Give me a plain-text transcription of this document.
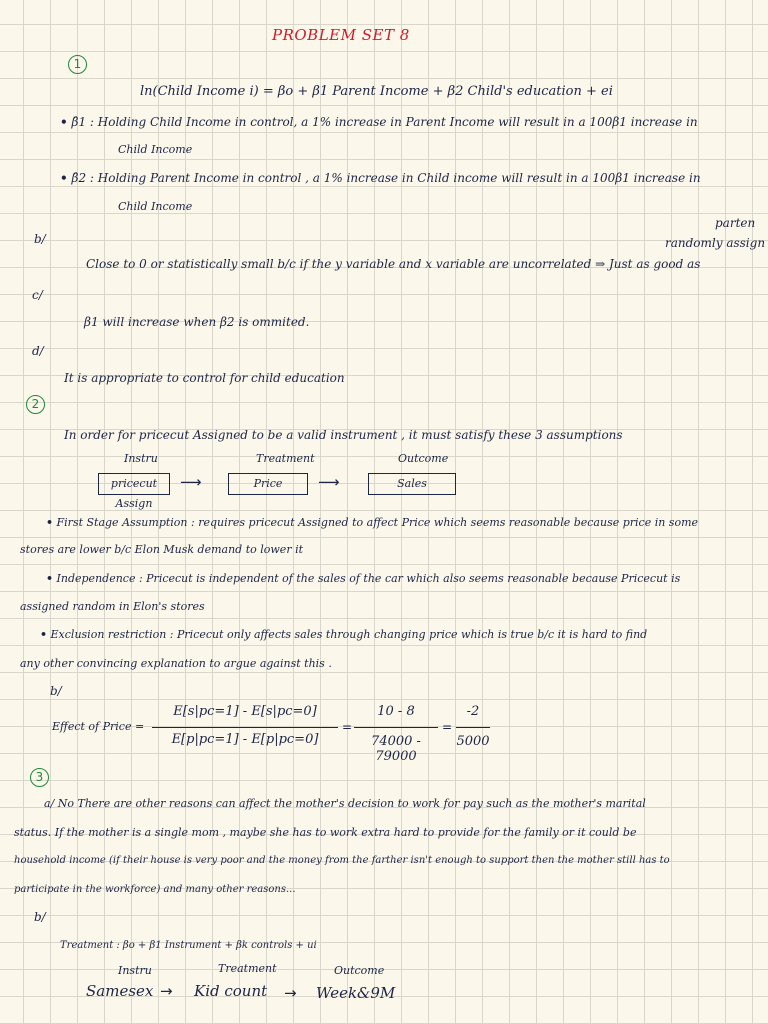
PROBLEM SET 8
1
ln(Child Income i) = βo + β1 Parent Income + β2 Child's education + ei
• β̂1 : Holding Child Income in control, a 1% increase in Parent Income will result in a 100β1 increase in
Child Income
• β̂2 : Holding Parent Income in control , a 1% increase in Child income will result in a 100β1 increase in
Child Income
b/
parten
randomly assign
Close to 0 or statistically small b/c if the y variable and x variable are uncorrelated ⇒ Just as good as
c/
β1 will increase when β2 is ommited.
d/
It is appropriate to control for child education
2
In order for pricecut Assigned to be a valid instrument , it must satisfy these 3 assumptions
Instru	Treatment	Outcome
pricecut Assign
⟶	Price	⟶	Sales
• First Stage Assumption : requires pricecut Assigned to affect Price which seems reasonable because price in some
stores are lower b/c Elon Musk demand to lower it
• Independence : Pricecut is independent of the sales of the car which also seems reasonable because Pricecut is
assigned random in Elon's stores
• Exclusion restriction : Pricecut only affects sales through changing price which is true b/c it is hard to find
any other convincing explanation to argue against this .
b/
Effect of Price =
E[s|pc=1] - E[s|pc=0]
E[p|pc=1] - E[p|pc=0]
=
10 - 8
74000 - 79000
=
-2
5000
3
a/ No There are other reasons can affect the mother's decision to work for pay such as the mother's marital
status. If the mother is a single mom , maybe she has to work extra hard to provide for the family or it could be
household income (if their house is very poor and the money from the farther isn't enough to support then the mother still has to
participate in the workforce) and many other reasons...
b/
Treatment : βo + β1 Instrument + βk controls + ui
Instru	Treatment	Outcome
Samesex → Kid count → Week&9M
